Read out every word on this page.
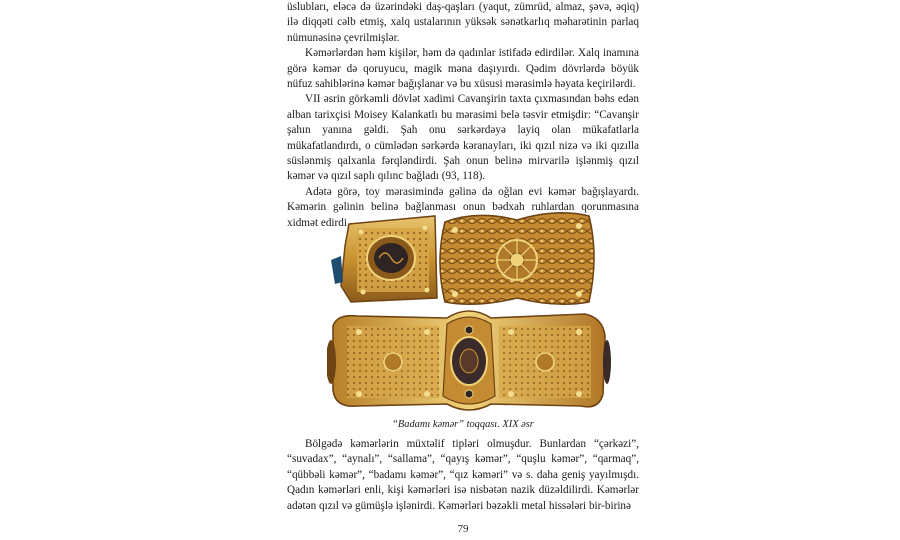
üslubları, eləcə də üzərindəki daş-qaşları (yaqut, zümrüd, almaz, şəvə, əqiq) ilə diqqəti cəlb etmiş, xalq ustalarının yüksək sənətkarlıq məharətinin parlaq nümunəsinə çevrilmişlər.

Kəmərlərdən həm kişilər, həm də qadınlar istifadə edirdilər. Xalq inamına görə kəmər də qoruyucu, magik məna daşıyırdı. Qədim dövrlərdə böyük nüfuz sahiblərinə kəmər bağışlanar və bu xüsusi mərasimlə həyata keçirilərdi.

VII əsrin görkəmli dövlət xadimi Cavanşirin taxta çıxmasından bəhs edən alban tarixçisi Moisey Kalankatlı bu mərasimi belə təsvir etmişdir: “Cavanşir şahın yanına gəldi. Şah onu sərkərdəyə layiq olan mükafatlarla mükafatlandırdı, o cümlədən sərkərdə kəranayları, iki qızıl nizə və iki qızılla süslənmiş qalxanla fərqləndirdi. Şah onun belinə mirvarilə işlənmiş qızıl kəmər və qızıl saplı qılınc bağladı (93, 118).

Adətə görə, toy mərasimində gəlinə də oğlan evi kəmər bağışlayardı. Kəmərin gəlinin belinə bağlanması onun bədxah ruhlardan qorunmasına xidmət edirdi.

“Badamı kəmər” toqqası. XIX əsr

Bölgədə kəmərlərin müxtəlif tipləri olmuşdur. Bunlardan “çərkəzi”, “suvadax”, “aynalı”, “sallama”, “qayış kəmər”, “quşlu kəmər”, “qarmaq”, “qübbəli kəmər”, “badamı kəmər”, “qız kəməri” və s. daha geniş yayılmışdı. Qadın kəmərləri enli, kişi kəmərləri isə nisbətən nazik düzəldilirdi. Kəmərlər adətən qızıl və gümüşlə işlənirdi. Kəmərləri bəzəkli metal hissələri bir-birinə

79
